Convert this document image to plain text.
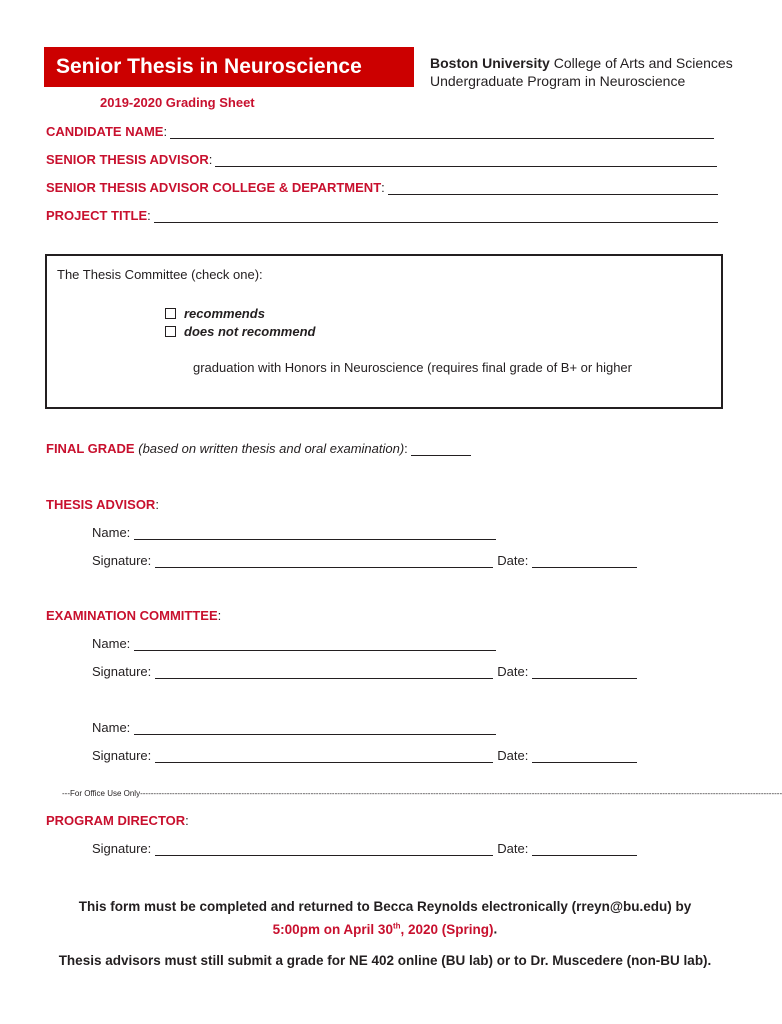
Senior Thesis in Neuroscience	Boston University College of Arts and Sciences
Undergraduate Program in Neuroscience
2019-2020 Grading Sheet
CANDIDATE NAME :
SENIOR THESIS ADVISOR :
SENIOR THESIS ADVISOR COLLEGE & DEPARTMENT :
PROJECT TITLE :
The Thesis Committee (check one):
recommends
does not recommend
graduation with Honors in Neuroscience (requires final grade of B+ or higher
FINAL GRADE (based on written thesis and oral examination):
THESIS ADVISOR:
Name:
Signature:	Date:
EXAMINATION COMMITTEE:
Name:
Signature:	Date:
Name:
Signature:	Date:
---For Office Use Only-------------------------------------------------------------------------------------------------------------------------------------------------------------------------------------------------------------------------------------------------
PROGRAM DIRECTOR:
Signature:	Date:
This form must be completed and returned to Becca Reynolds electronically (rreyn@bu.edu) by
5:00pm on April 30th, 2020 (Spring).
Thesis advisors must still submit a grade for NE 402 online (BU lab) or to Dr. Muscedere (non-BU lab).
